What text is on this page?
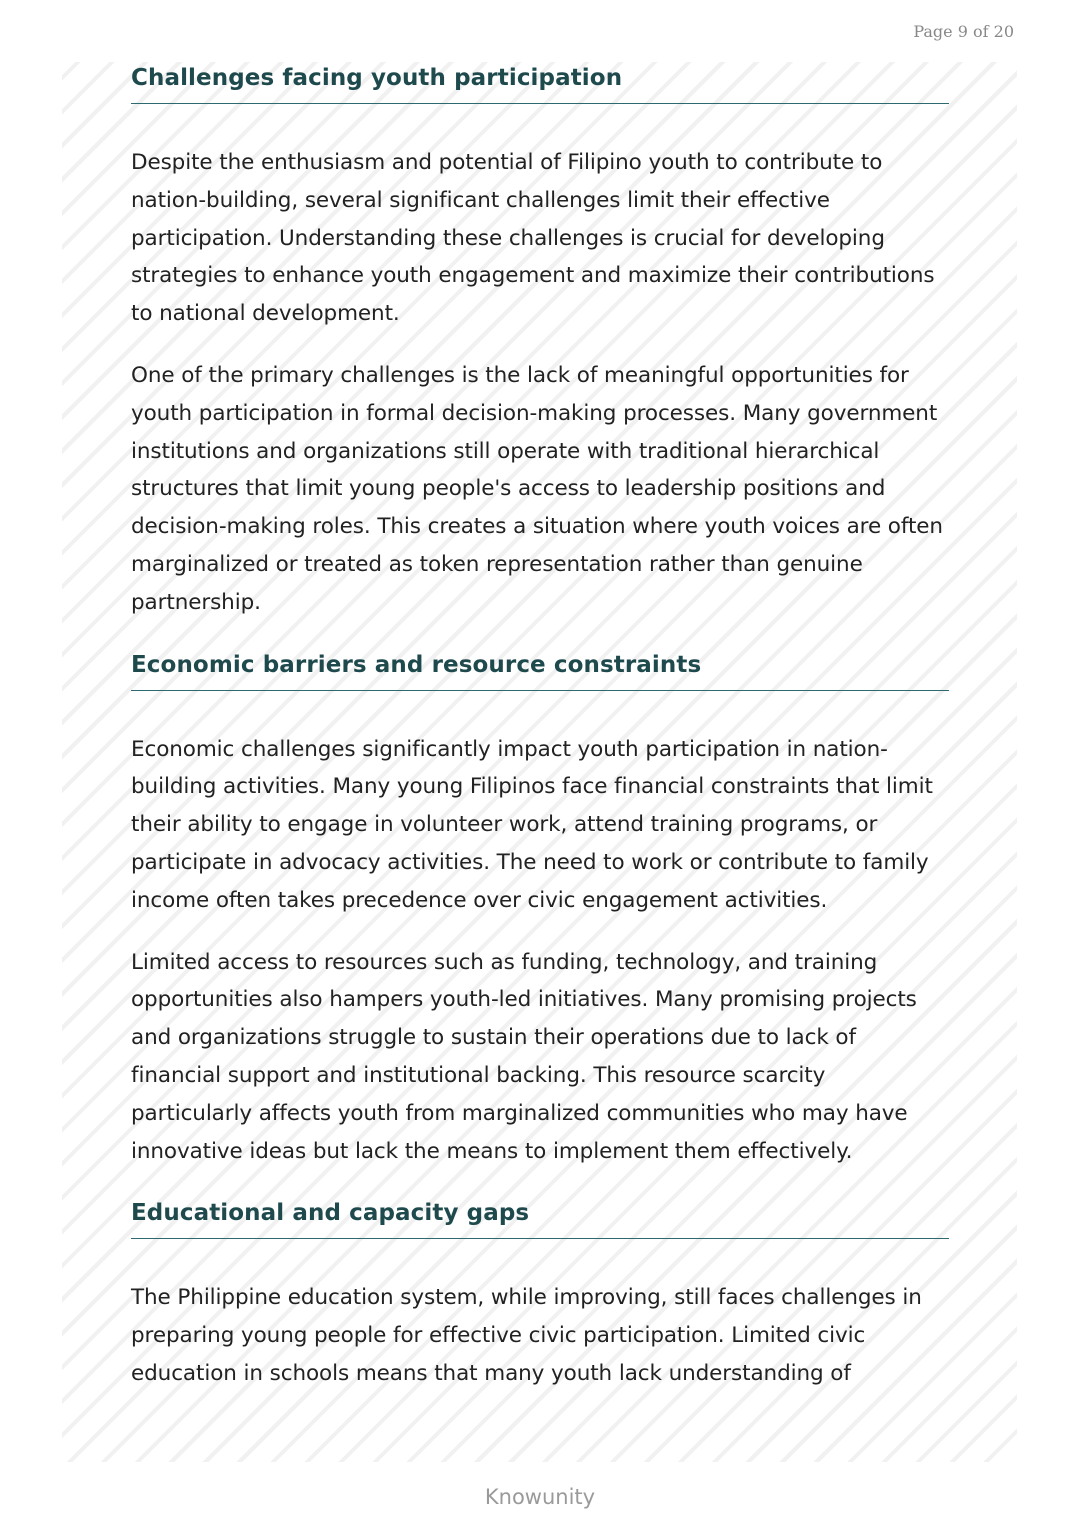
Page 9 of 20
Challenges facing youth participation

Despite the enthusiasm and potential of Filipino youth to contribute to nation-building, several significant challenges limit their effective participation. Understanding these challenges is crucial for developing strategies to enhance youth engagement and maximize their contributions to national development.

One of the primary challenges is the lack of meaningful opportunities for youth participation in formal decision-making processes. Many government institutions and organizations still operate with traditional hierarchical structures that limit young people's access to leadership positions and decision-making roles. This creates a situation where youth voices are often marginalized or treated as token representation rather than genuine partnership.

Economic barriers and resource constraints

Economic challenges significantly impact youth participation in nation-building activities. Many young Filipinos face financial constraints that limit their ability to engage in volunteer work, attend training programs, or participate in advocacy activities. The need to work or contribute to family income often takes precedence over civic engagement activities.

Limited access to resources such as funding, technology, and training opportunities also hampers youth-led initiatives. Many promising projects and organizations struggle to sustain their operations due to lack of financial support and institutional backing. This resource scarcity particularly affects youth from marginalized communities who may have innovative ideas but lack the means to implement them effectively.

Educational and capacity gaps

The Philippine education system, while improving, still faces challenges in preparing young people for effective civic participation. Limited civic education in schools means that many youth lack understanding of

Knowunity
